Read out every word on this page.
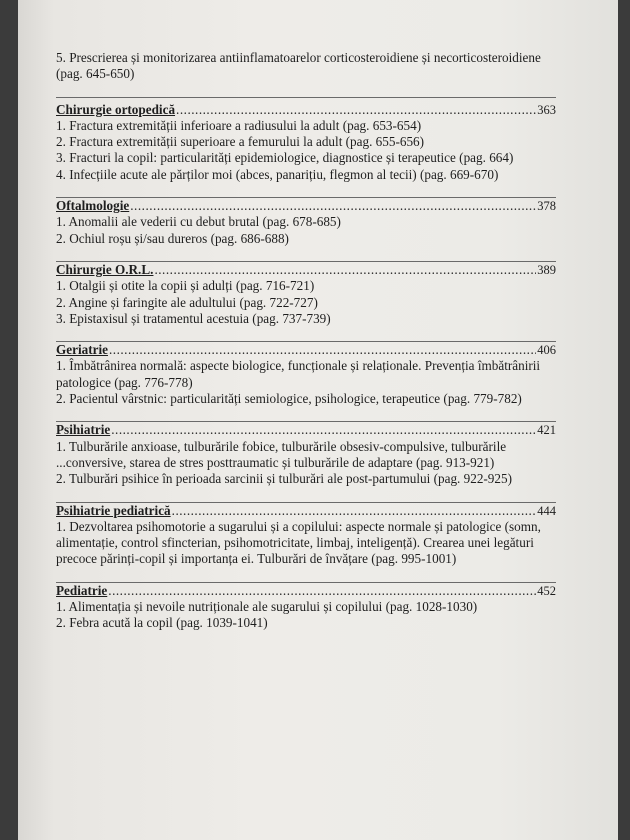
5. Prescrierea și monitorizarea antiinflamatoarelor corticosteroidiene și necorticosteroidiene (pag. 645-650)

Chirurgie ortopedică .....	363

1. Fractura extremității inferioare a radiusului la adult (pag. 653-654)

2. Fractura extremității superioare a femurului la adult (pag. 655-656)

3. Fracturi la copil: particularități epidemiologice, diagnostice și terapeutice (pag. 664)

4. Infecțiile acute ale părților moi (abces, panarițiu, flegmon al tecii) (pag. 669-670)

Oftalmologie .....	378

1. Anomalii ale vederii cu debut brutal (pag. 678-685)

2. Ochiul roșu și/sau dureros (pag. 686-688)

Chirurgie O.R.L. .....	389

1. Otalgii și otite la copii și adulți (pag. 716-721)

2. Angine și faringite ale adultului (pag. 722-727)

3. Epistaxisul și tratamentul acestuia (pag. 737-739)

Geriatrie .....	406

1. Îmbătrânirea normală: aspecte biologice, funcționale și relaționale. Prevenția îmbătrânirii patologice (pag. 776-778)

2. Pacientul vârstnic: particularități semiologice, psihologice, terapeutice (pag. 779-782)

Psihiatrie .....	421

1. Tulburările anxioase, tulburările fobice, tulburările obsesiv-compulsive, tulburările ...conversive, starea de stres posttraumatic și tulburările de adaptare (pag. 913-921)

2. Tulburări psihice în perioada sarcinii și tulburări ale post-partumului (pag. 922-925)

Psihiatrie pediatrică .....	444

1. Dezvoltarea psihomotorie a sugarului și a copilului: aspecte normale și patologice (somn, alimentație, control sfincterian, psihomotricitate, limbaj, inteligență). Crearea unei legături precoce părinți-copil și importanța ei. Tulburări de învățare (pag. 995-1001)

Pediatrie .....	452

1. Alimentația și nevoile nutriționale ale sugarului și copilului (pag. 1028-1030)

2. Febra acută la copil (pag. 1039-1041)
